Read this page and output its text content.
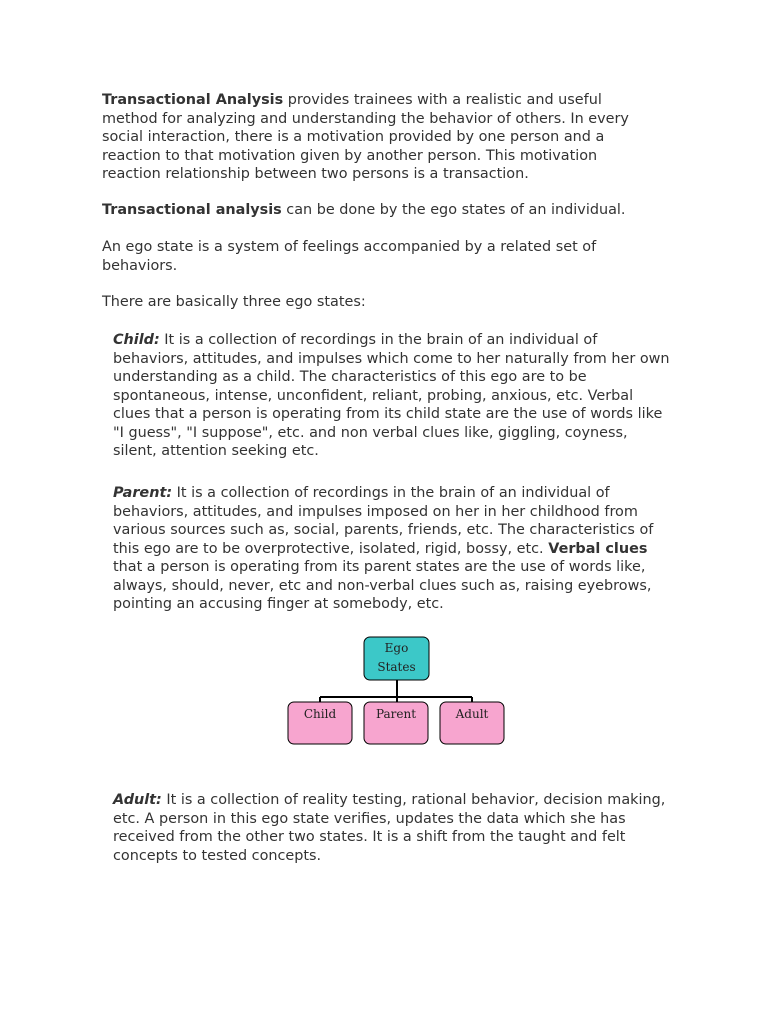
Transactional Analysis provides trainees with a realistic and useful method for analyzing and understanding the behavior of others. In every social interaction, there is a motivation provided by one person and a reaction to that motivation given by another person. This motivation reaction relationship between two persons is a transaction.

Transactional analysis can be done by the ego states of an individual.

An ego state is a system of feelings accompanied by a related set of behaviors.

There are basically three ego states:

Child: It is a collection of recordings in the brain of an individual of behaviors, attitudes, and impulses which come to her naturally from her own understanding as a child. The characteristics of this ego are to be spontaneous, intense, unconfident, reliant, probing, anxious, etc. Verbal clues that a person is operating from its child state are the use of words like "I guess", "I suppose", etc. and non verbal clues like, giggling, coyness, silent, attention seeking etc.

Parent: It is a collection of recordings in the brain of an individual of behaviors, attitudes, and impulses imposed on her in her childhood from various sources such as, social, parents, friends, etc. The characteristics of this ego are to be overprotective, isolated, rigid, bossy, etc. Verbal clues that a person is operating from its parent states are the use of words like, always, should, never, etc and non-verbal clues such as, raising eyebrows, pointing an accusing finger at somebody, etc.

Ego
States
Child	Parent	Adult

Adult: It is a collection of reality testing, rational behavior, decision making, etc. A person in this ego state verifies, updates the data which she has received from the other two states. It is a shift from the taught and felt concepts to tested concepts.
